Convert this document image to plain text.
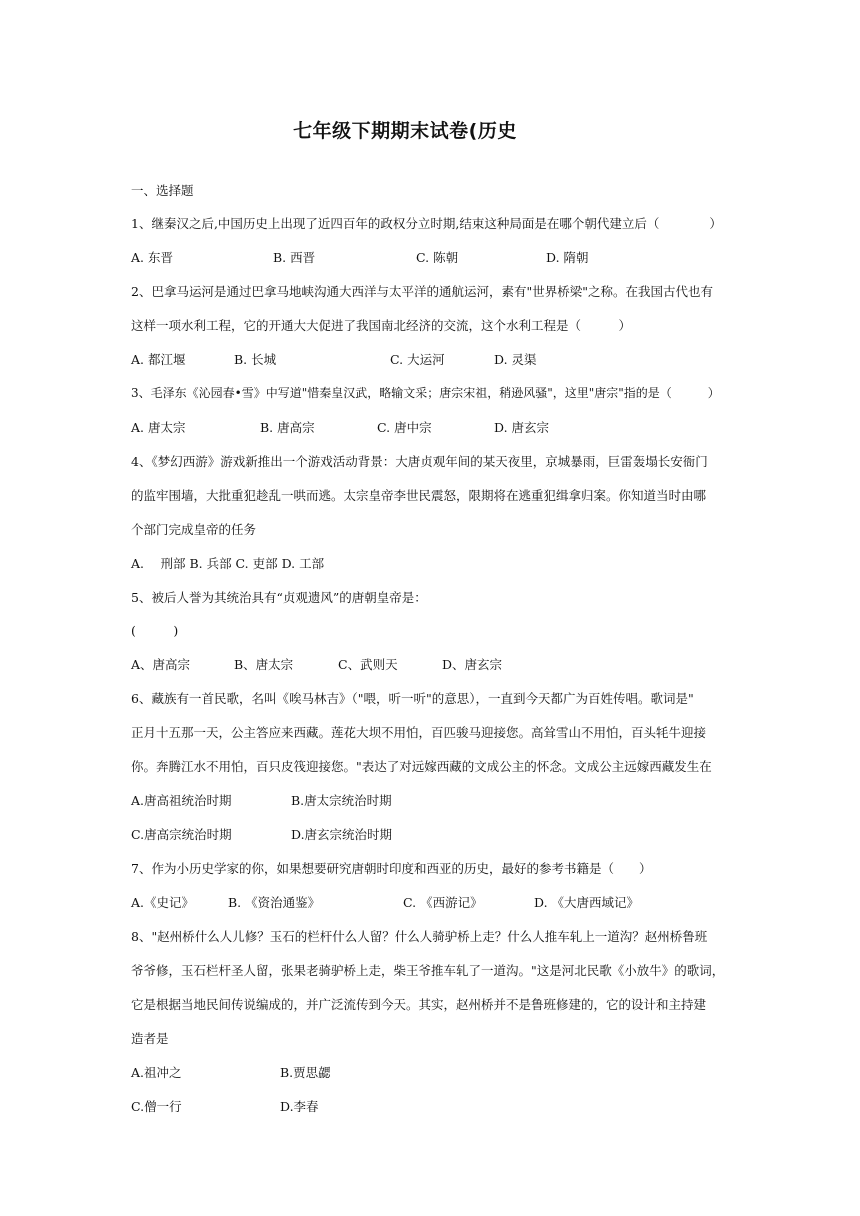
七年级下期期末试卷(历史
一、选择题
1、继秦汉之后,中国历史上出现了近四百年的政权分立时期,结束这种局面是在哪个朝代建立后（　　　　）
A. 东晋	B. 西晋	C. 陈朝	D. 隋朝
2、巴拿马运河是通过巴拿马地峡沟通大西洋与太平洋的通航运河，素有"世界桥梁"之称。在我国古代也有
这样一项水利工程，它的开通大大促进了我国南北经济的交流，这个水利工程是（　　　）
A. 都江堰	B. 长城	C. 大运河	D. 灵渠
3、毛泽东《沁园春•雪》中写道"惜秦皇汉武，略输文采；唐宗宋祖，稍逊风骚"，这里"唐宗"指的是（　　　）
A. 唐太宗	B. 唐高宗	C. 唐中宗	D. 唐玄宗
4、《梦幻西游》游戏新推出一个游戏活动背景：大唐贞观年间的某天夜里，京城暴雨，巨雷轰塌长安衙门
的监牢围墙，大批重犯趁乱一哄而逃。太宗皇帝李世民震怒，限期将在逃重犯缉拿归案。你知道当时由哪
个部门完成皇帝的任务
A.　 刑部 B. 兵部 C. 吏部 D. 工部
5、被后人誉为其统治具有“贞观遗风”的唐朝皇帝是：
(　　　)
A、唐高宗	B、唐太宗	C、武则天	D、唐玄宗
6、藏族有一首民歌，名叫《唉马林吉》（"喂，听一听"的意思），一直到今天都广为百姓传唱。歌词是"
正月十五那一天，公主答应来西藏。莲花大坝不用怕，百匹骏马迎接您。高耸雪山不用怕，百头牦牛迎接
你。奔腾江水不用怕，百只皮筏迎接您。"表达了对远嫁西藏的文成公主的怀念。文成公主远嫁西藏发生在
A.唐高祖统治时期	B.唐太宗统治时期
C.唐高宗统治时期	D.唐玄宗统治时期
7、作为小历史学家的你，如果想要研究唐朝时印度和西亚的历史，最好的参考书籍是（　　）
A.《史记》	B. 《资治通鉴》	C. 《西游记》	D. 《大唐西域记》
8、"赵州桥什么人儿修？玉石的栏杆什么人留？什么人骑驴桥上走？什么人推车轧上一道沟？赵州桥鲁班
爷爷修，玉石栏杆圣人留，张果老骑驴桥上走，柴王爷推车轧了一道沟。"这是河北民歌《小放牛》的歌词，
它是根据当地民间传说编成的，并广泛流传到今天。其实，赵州桥并不是鲁班修建的，它的设计和主持建
造者是
A.祖冲之	B.贾思勰
C.僧一行	D.李春
